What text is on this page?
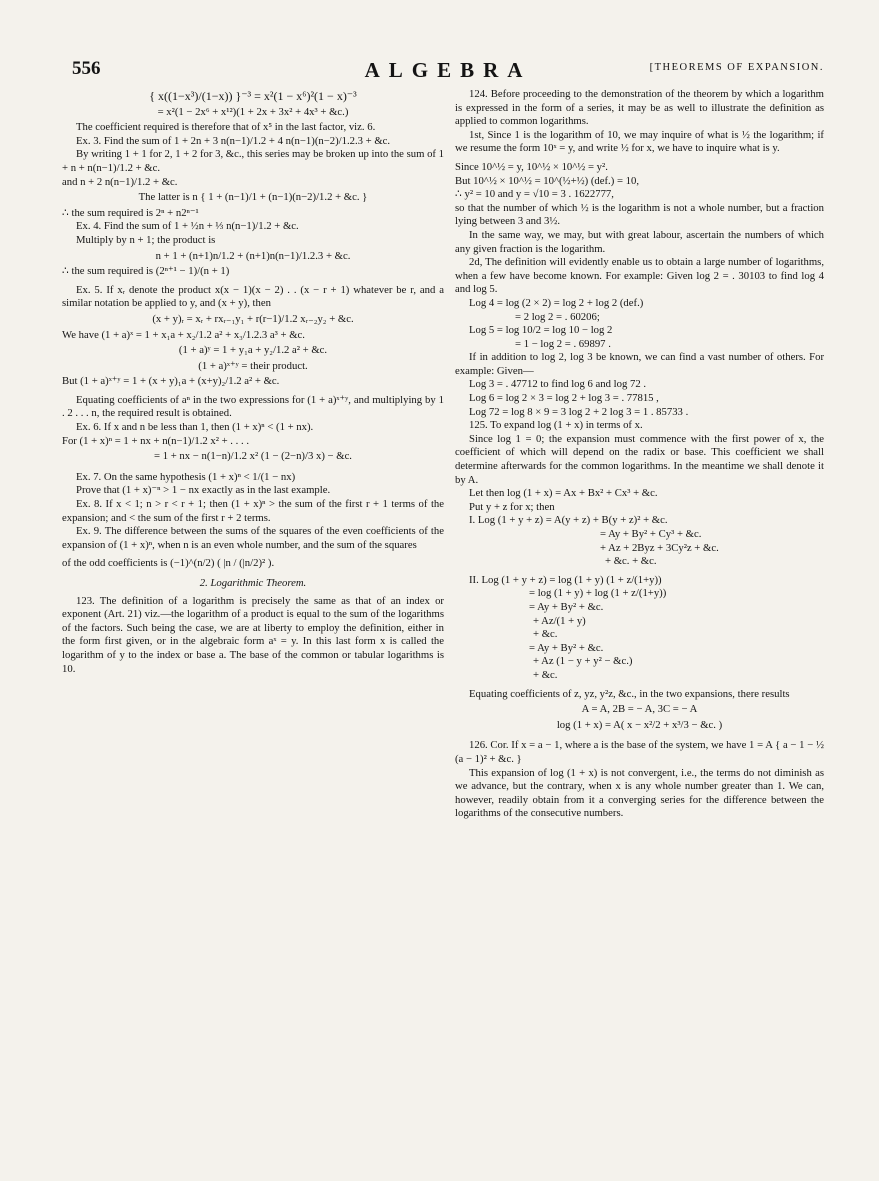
556	ALGEBRA	[THEOREMS OF EXPANSION.

{ x((1−x³)/(1−x)) }⁻³ = x²(1 − x⁶)²(1 − x)⁻³

= x²(1 − 2x⁶ + x¹²)(1 + 2x + 3x² + 4x³ + &c.)

The coefficient required is therefore that of x⁵ in the last factor, viz. 6.

Ex. 3. Find the sum of 1 + 2n + 3 n(n−1)/1.2 + 4 n(n−1)(n−2)/1.2.3 + &c.

By writing 1 + 1 for 2, 1 + 2 for 3, &c., this series may be broken up into the sum of 1 + n + n(n−1)/1.2 + &c.

and n + 2 n(n−1)/1.2 + &c.

The latter is n { 1 + (n−1)/1 + (n−1)(n−2)/1.2 + &c. }

∴ the sum required is 2ⁿ + n2ⁿ⁻¹

Ex. 4. Find the sum of 1 + ½n + ⅓ n(n−1)/1.2 + &c.

Multiply by n + 1; the product is

n + 1 + (n+1)n/1.2 + (n+1)n(n−1)/1.2.3 + &c.

∴ the sum required is (2ⁿ⁺¹ − 1)/(n + 1)

Ex. 5. If xᵣ denote the product x(x − 1)(x − 2) . . (x − r + 1) whatever be r, and a similar notation be applied to y, and (x + y), then

(x + y)ᵣ = xᵣ + rxᵣ₋₁y₁ + r(r−1)/1.2 xᵣ₋₂y₂ + &c.

We have (1 + a)ˣ = 1 + x₁a + x₂/1.2 a² + x₃/1.2.3 a³ + &c.

(1 + a)ʸ = 1 + y₁a + y₂/1.2 a² + &c.

(1 + a)ˣ⁺ʸ = their product.

But (1 + a)ˣ⁺ʸ = 1 + (x + y)₁a + (x+y)₂/1.2 a² + &c.

Equating coefficients of aⁿ in the two expressions for (1 + a)ˣ⁺ʸ, and multiplying by 1 . 2 . . . n, the required result is obtained.

Ex. 6. If x and n be less than 1, then (1 + x)ⁿ < (1 + nx).

For (1 + x)ⁿ = 1 + nx + n(n−1)/1.2 x² + . . . .

= 1 + nx − n(1−n)/1.2 x² (1 − (2−n)/3 x) − &c.

Ex. 7. On the same hypothesis (1 + x)ⁿ < 1/(1 − nx)

Prove that (1 + x)⁻ⁿ > 1 − nx exactly as in the last example.

Ex. 8. If x < 1; n > r < r + 1; then (1 + x)ⁿ > the sum of the first r + 1 terms of the expansion; and < the sum of the first r + 2 terms.

Ex. 9. The difference between the sums of the squares of the even coefficients of the expansion of (1 + x)ⁿ, when n is an even whole number, and the sum of the squares

of the odd coefficients is (−1)^(n/2) ( |n / (|n/2)² ).

2. Logarithmic Theorem.

123. The definition of a logarithm is precisely the same as that of an index or exponent (Art. 21) viz.—the logarithm of a product is equal to the sum of the logarithms of the factors. Such being the case, we are at liberty to employ the definition, either in the form first given, or in the algebraic form aˣ = y. In this last form x is called the logarithm of y to the index or base a. The base of the common or tabular logarithms is 10.

124. Before proceeding to the demonstration of the theorem by which a logarithm is expressed in the form of a series, it may be as well to illustrate the definition as applied to common logarithms.

1st, Since 1 is the logarithm of 10, we may inquire of what is ½ the logarithm; if we resume the form 10ˣ = y, and write ½ for x, we have to inquire what is y.

Since 10^½ = y, 10^½ × 10^½ = y².

But 10^½ × 10^½ = 10^(½+½) (def.) = 10,

∴ y² = 10 and y = √10 = 3 . 1622777,

so that the number of which ½ is the logarithm is not a whole number, but a fraction lying between 3 and 3½.

In the same way, we may, but with great labour, ascertain the numbers of which any given fraction is the logarithm.

2d, The definition will evidently enable us to obtain a large number of logarithms, when a few have become known. For example: Given log 2 = . 30103 to find log 4 and log 5.

Log 4 = log (2 × 2) = log 2 + log 2 (def.)

= 2 log 2 = . 60206;

Log 5 = log 10/2 = log 10 − log 2

= 1 − log 2 = . 69897 .

If in addition to log 2, log 3 be known, we can find a vast number of others. For example: Given—

Log 3 = . 47712 to find log 6 and log 72 .

Log 6 = log 2 × 3 = log 2 + log 3 = . 77815 ,

Log 72 = log 8 × 9 = 3 log 2 + 2 log 3 = 1 . 85733 .

125. To expand log (1 + x) in terms of x.

Since log 1 = 0; the expansion must commence with the first power of x, the coefficient of which will depend on the radix or base. This coefficient we shall determine afterwards for the common logarithms. In the meantime we shall denote it by A.

Let then log (1 + x) = Ax + Bx² + Cx³ + &c.

Put y + z for x; then

I. Log (1 + y + z) = A(y + z) + B(y + z)² + &c.

= Ay + By² + Cy³ + &c.

+ Az + 2Byz + 3Cy²z + &c.

+ &c. + &c.

II. Log (1 + y + z) = log (1 + y) (1 + z/(1+y))

= log (1 + y) + log (1 + z/(1+y))

= Ay + By² + &c.

+ Az/(1 + y)

+ &c.

= Ay + By² + &c.

+ Az (1 − y + y² − &c.)

+ &c.

Equating coefficients of z, yz, y²z, &c., in the two expansions, there results

A = A, 2B = − A, 3C = − A

log (1 + x) = A( x − x²/2 + x³/3 − &c. )

126. Cor. If x = a − 1, where a is the base of the system, we have 1 = A { a − 1 − ½ (a − 1)² + &c. }

This expansion of log (1 + x) is not convergent, i.e., the terms do not diminish as we advance, but the contrary, when x is any whole number greater than 1. We can, however, readily obtain from it a converging series for the difference between the logarithms of the consecutive numbers.
